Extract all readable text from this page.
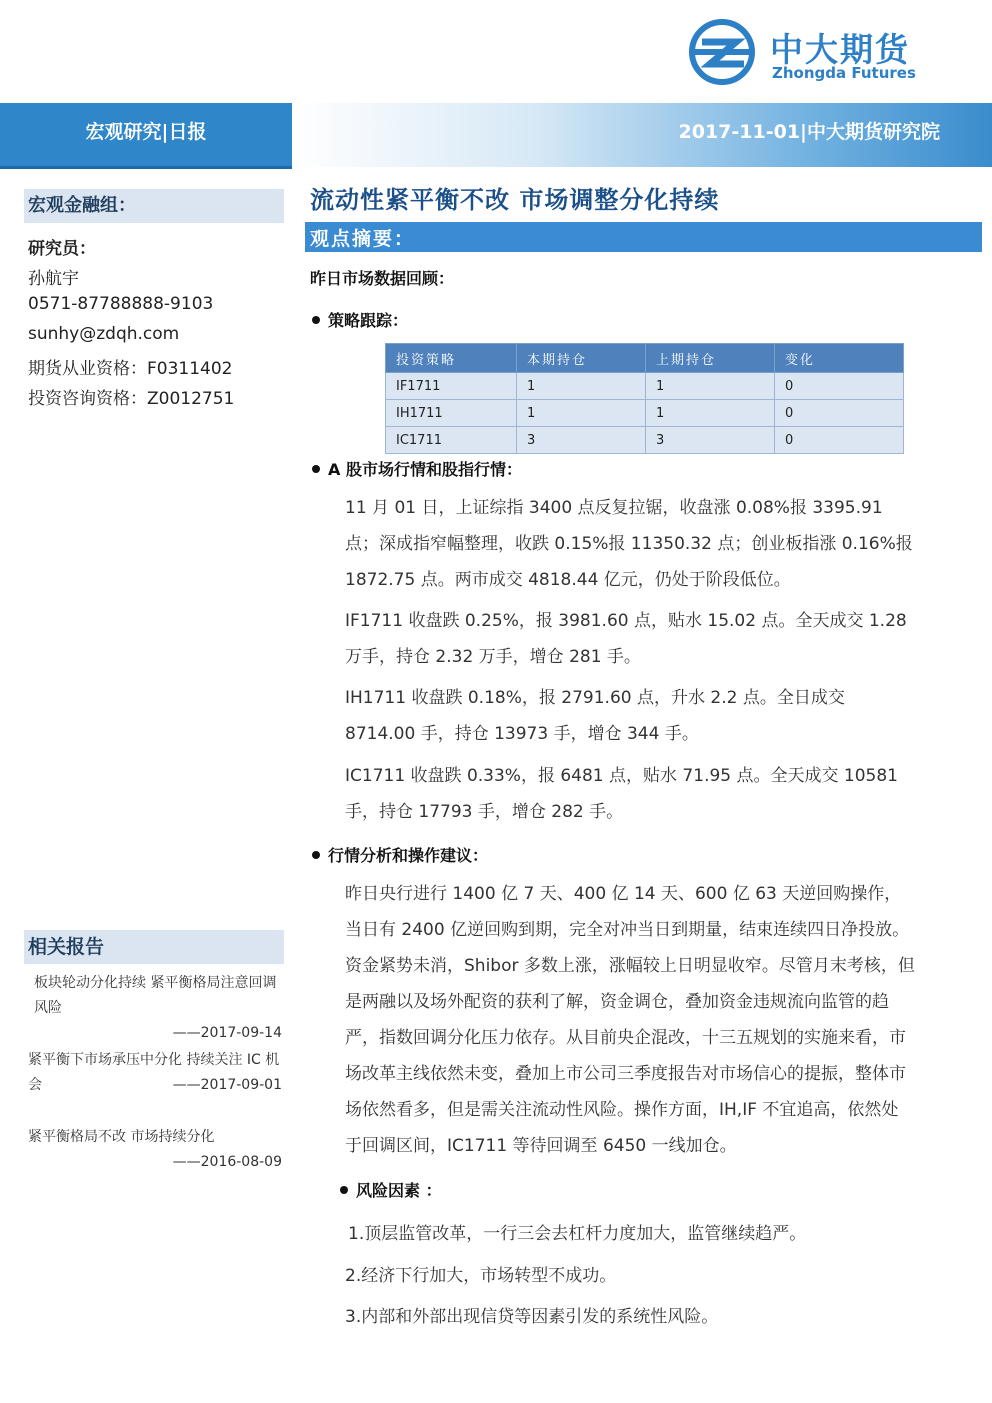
中大期货
Zhongda Futures
宏观研究|日报	2017-11-01|中大期货研究院
宏观金融组：
研究员：
孙航宇
0571-87788888-9103
sunhy@zdqh.com
期货从业资格：F0311402
投资咨询资格：Z0012751
相关报告
板块轮动分化持续 紧平衡格局注意回调风险
——2017-09-14
紧平衡下市场承压中分化 持续关注 IC 机会	——2017-09-01
紧平衡格局不改 市场持续分化
——2016-08-09
流动性紧平衡不改 市场调整分化持续
观点摘要：
昨日市场数据回顾：
策略跟踪：
投资策略	本期持仓	上期持仓	变化
IF1711	1	1	0
IH1711	1	1	0
IC1711	3	3	0
A 股市场行情和股指行情：
11 月 01 日，上证综指 3400 点反复拉锯，收盘涨 0.08%报 3395.91 点；深成指窄幅整理，收跌 0.15%报 11350.32 点；创业板指涨 0.16%报 1872.75 点。两市成交 4818.44 亿元，仍处于阶段低位。
IF1711 收盘跌 0.25%，报 3981.60 点，贴水 15.02 点。全天成交 1.28 万手，持仓 2.32 万手，增仓 281 手。
IH1711 收盘跌 0.18%，报 2791.60 点，升水 2.2 点。全日成交 8714.00 手，持仓 13973 手，增仓 344 手。
IC1711 收盘跌 0.33%，报 6481 点，贴水 71.95 点。全天成交 10581 手，持仓 17793 手，增仓 282 手。
行情分析和操作建议：
昨日央行进行 1400 亿 7 天、400 亿 14 天、600 亿 63 天逆回购操作，当日有 2400 亿逆回购到期，完全对冲当日到期量，结束连续四日净投放。资金紧势未消，Shibor 多数上涨，涨幅较上日明显收窄。尽管月末考核，但是两融以及场外配资的获利了解，资金调仓，叠加资金违规流向监管的趋严，指数回调分化压力依存。从目前央企混改，十三五规划的实施来看，市场改革主线依然未变，叠加上市公司三季度报告对市场信心的提振，整体市场依然看多，但是需关注流动性风险。操作方面，IH,IF 不宜追高，依然处于回调区间，IC1711 等待回调至 6450 一线加仓。
风险因素 ：
1.顶层监管改革，一行三会去杠杆力度加大，监管继续趋严。
2.经济下行加大，市场转型不成功。
3.内部和外部出现信贷等因素引发的系统性风险。
